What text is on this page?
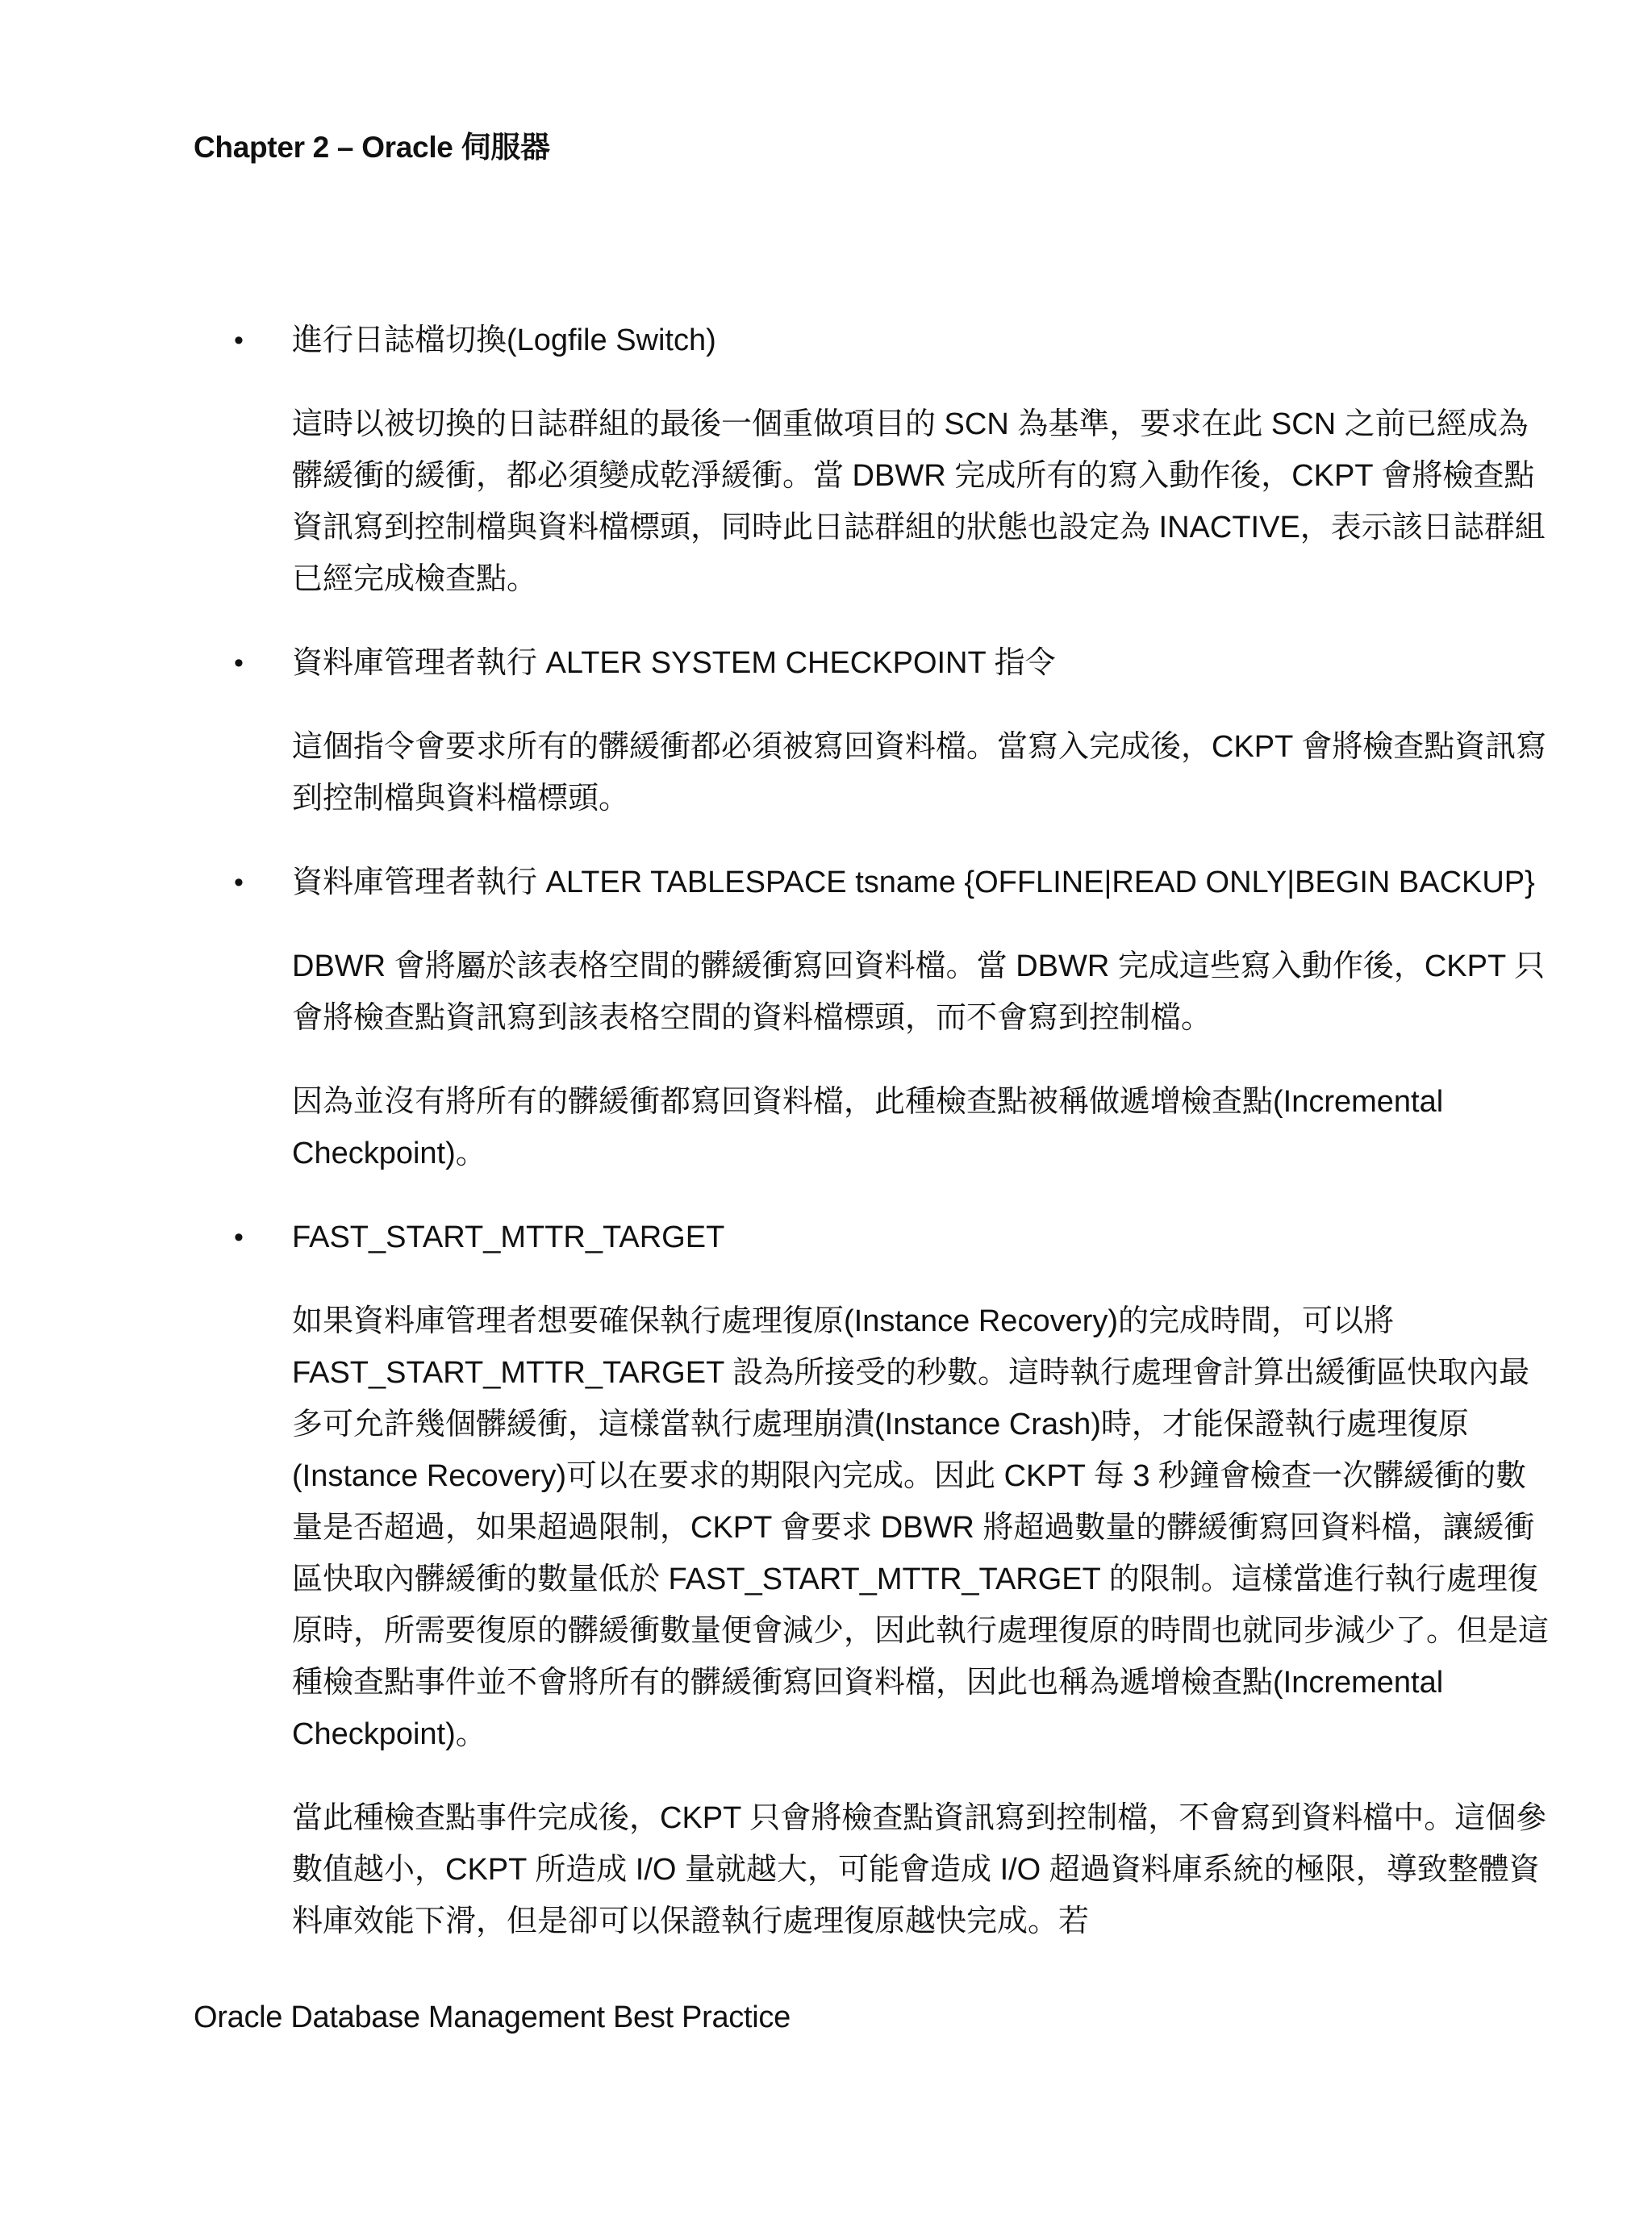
Chapter 2 – Oracle 伺服器
• 進行日誌檔切換(Logfile Switch)

這時以被切換的日誌群組的最後一個重做項目的 SCN 為基準，要求在此 SCN 之前已經成為髒緩衝的緩衝，都必須變成乾淨緩衝。當 DBWR 完成所有的寫入動作後，CKPT 會將檢查點資訊寫到控制檔與資料檔標頭，同時此日誌群組的狀態也設定為 INACTIVE，表示該日誌群組已經完成檢查點。

• 資料庫管理者執行 ALTER SYSTEM CHECKPOINT 指令

這個指令會要求所有的髒緩衝都必須被寫回資料檔。當寫入完成後，CKPT 會將檢查點資訊寫到控制檔與資料檔標頭。

• 資料庫管理者執行 ALTER TABLESPACE tsname {OFFLINE|READ ONLY|BEGIN BACKUP}

DBWR 會將屬於該表格空間的髒緩衝寫回資料檔。當 DBWR 完成這些寫入動作後，CKPT 只會將檢查點資訊寫到該表格空間的資料檔標頭，而不會寫到控制檔。

因為並沒有將所有的髒緩衝都寫回資料檔，此種檢查點被稱做遞增檢查點(Incremental Checkpoint)。

• FAST_START_MTTR_TARGET

如果資料庫管理者想要確保執行處理復原(Instance Recovery)的完成時間，可以將 FAST_START_MTTR_TARGET 設為所接受的秒數。這時執行處理會計算出緩衝區快取內最多可允許幾個髒緩衝，這樣當執行處理崩潰(Instance Crash)時，才能保證執行處理復原(Instance Recovery)可以在要求的期限內完成。因此 CKPT 每 3 秒鐘會檢查一次髒緩衝的數量是否超過，如果超過限制，CKPT 會要求 DBWR 將超過數量的髒緩衝寫回資料檔，讓緩衝區快取內髒緩衝的數量低於 FAST_START_MTTR_TARGET 的限制。這樣當進行執行處理復原時，所需要復原的髒緩衝數量便會減少，因此執行處理復原的時間也就同步減少了。但是這種檢查點事件並不會將所有的髒緩衝寫回資料檔，因此也稱為遞增檢查點(Incremental Checkpoint)。

當此種檢查點事件完成後，CKPT 只會將檢查點資訊寫到控制檔，不會寫到資料檔中。這個參數值越小，CKPT 所造成 I/O 量就越大，可能會造成 I/O 超過資料庫系統的極限，導致整體資料庫效能下滑，但是卻可以保證執行處理復原越快完成。若

Oracle Database Management Best Practice
